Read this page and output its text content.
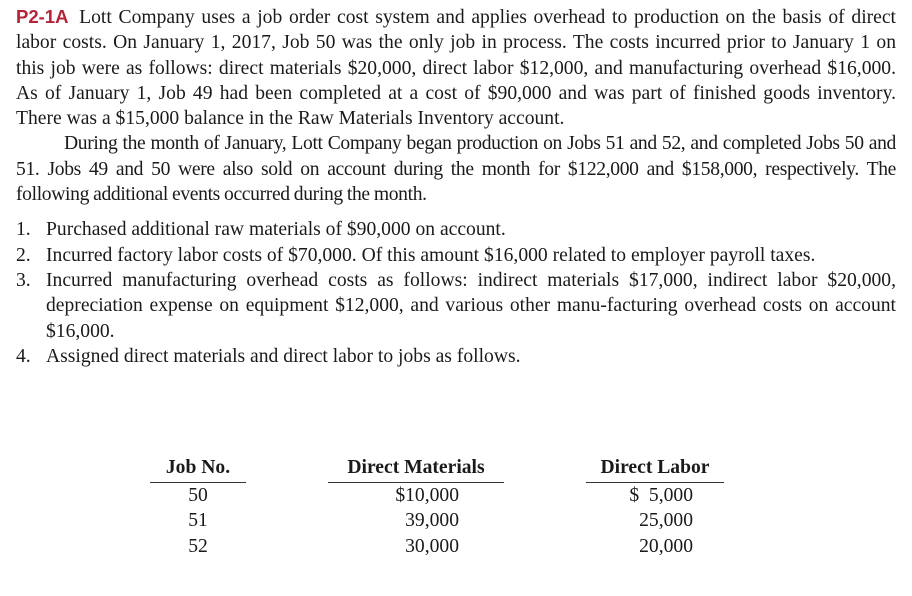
P2-1A Lott Company uses a job order cost system and applies overhead to production on the basis of direct labor costs. On January 1, 2017, Job 50 was the only job in process. The costs incurred prior to January 1 on this job were as follows: direct materials $20,000, direct labor $12,000, and manufacturing overhead $16,000. As of January 1, Job 49 had been completed at a cost of $90,000 and was part of finished goods inventory. There was a $15,000 balance in the Raw Materials Inventory account.

During the month of January, Lott Company began production on Jobs 51 and 52, and completed Jobs 50 and 51. Jobs 49 and 50 were also sold on account during the month for $122,000 and $158,000, respectively. The following additional events occurred during the month.

1. Purchased additional raw materials of $90,000 on account.
2. Incurred factory labor costs of $70,000. Of this amount $16,000 related to employer payroll taxes.
3. Incurred manufacturing overhead costs as follows: indirect materials $17,000, indirect labor $20,000, depreciation expense on equipment $12,000, and various other manu-facturing overhead costs on account $16,000.
4. Assigned direct materials and direct labor to jobs as follows.
Job No.		Direct Materials		Direct Labor
50		$10,000		$  5,000
51		39,000		25,000
52		30,000		20,000
